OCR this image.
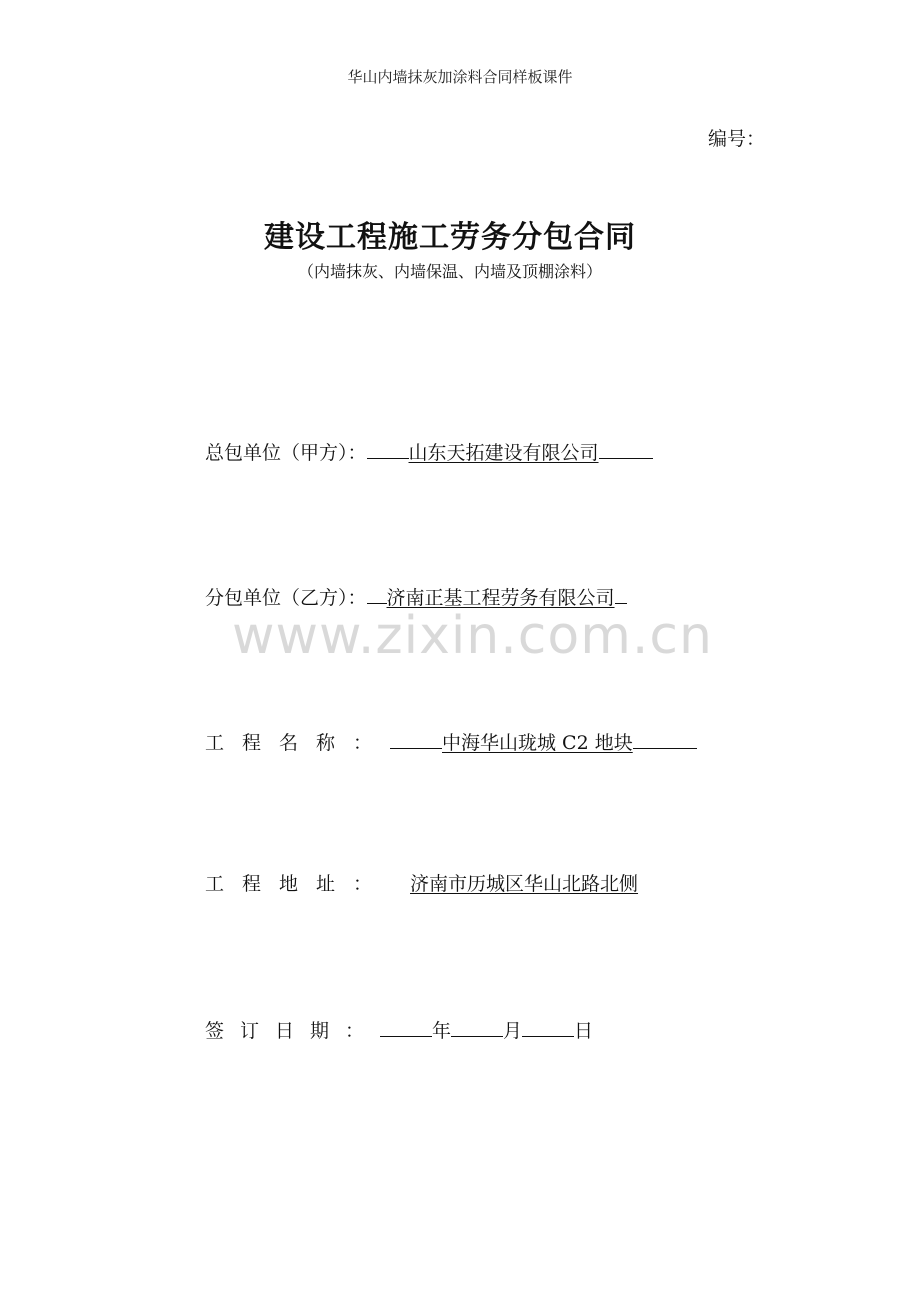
华山内墙抹灰加涂料合同样板课件
编号：
建设工程施工劳务分包合同
（内墙抹灰、内墙保温、内墙及顶棚涂料）
总包单位（甲方）： 山东天拓建设有限公司
分包单位（乙方）： 济南正基工程劳务有限公司
工程名称：	中海华山珑城 C2 地块
工程地址： 济南市历城区华山北路北侧
签订日期：	年	月	日
www.zixin.com.cn
